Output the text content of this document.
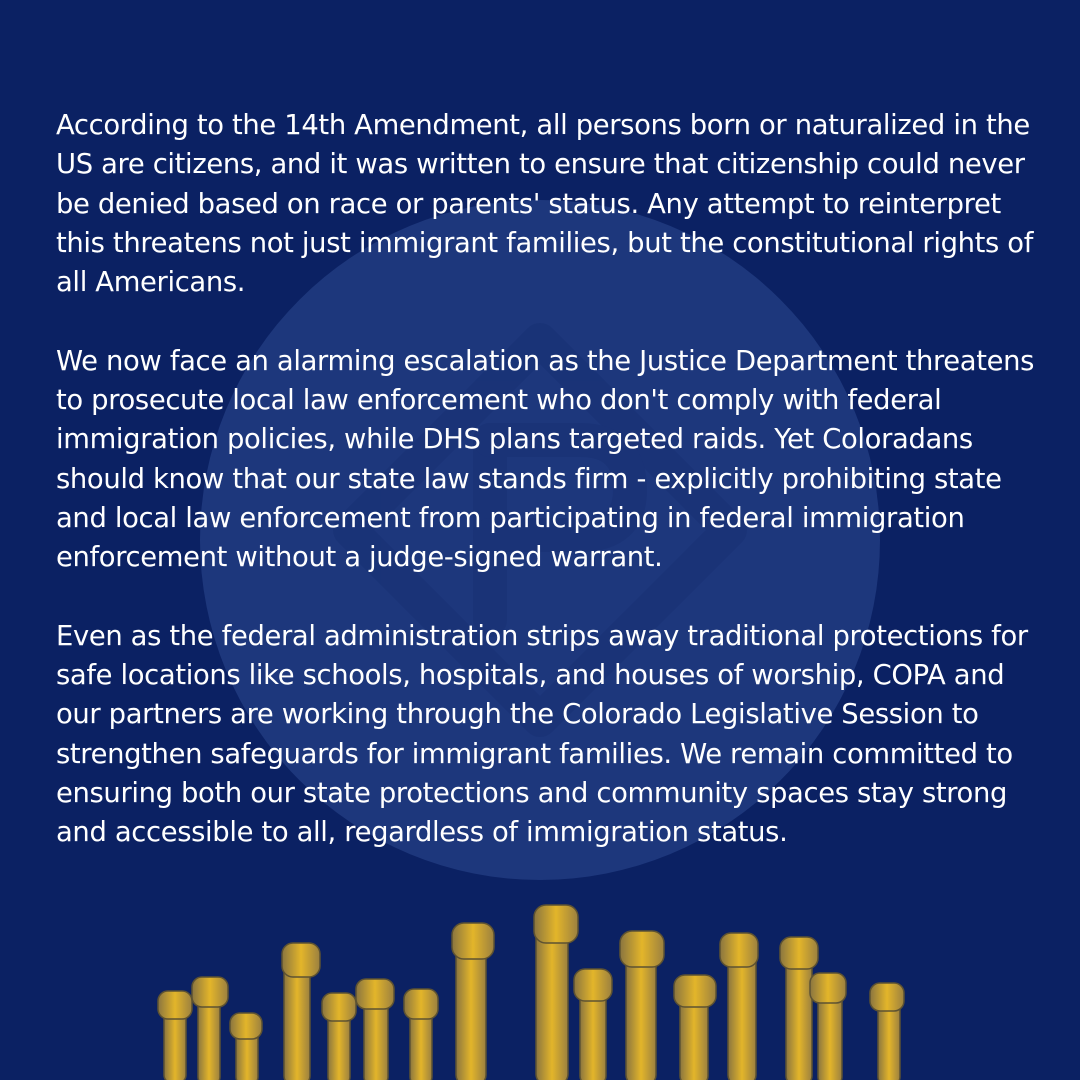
According to the 14th Amendment, all persons born or naturalized in the US are citizens, and it was written to ensure that citizenship could never be denied based on race or parents' status. Any attempt to reinterpret this threatens not just immigrant families, but the constitutional rights of all Americans.

We now face an alarming escalation as the Justice Department threatens to prosecute local law enforcement who don't comply with federal immigration policies, while DHS plans targeted raids. Yet Coloradans should know that our state law stands firm - explicitly prohibiting state and local law enforcement from participating in federal immigration enforcement without a judge-signed warrant.

Even as the federal administration strips away traditional protections for safe locations like schools, hospitals, and houses of worship, COPA and our partners are working through the Colorado Legislative Session to strengthen safeguards for immigrant families. We remain committed to ensuring both our state protections and community spaces stay strong and accessible to all, regardless of immigration status.
